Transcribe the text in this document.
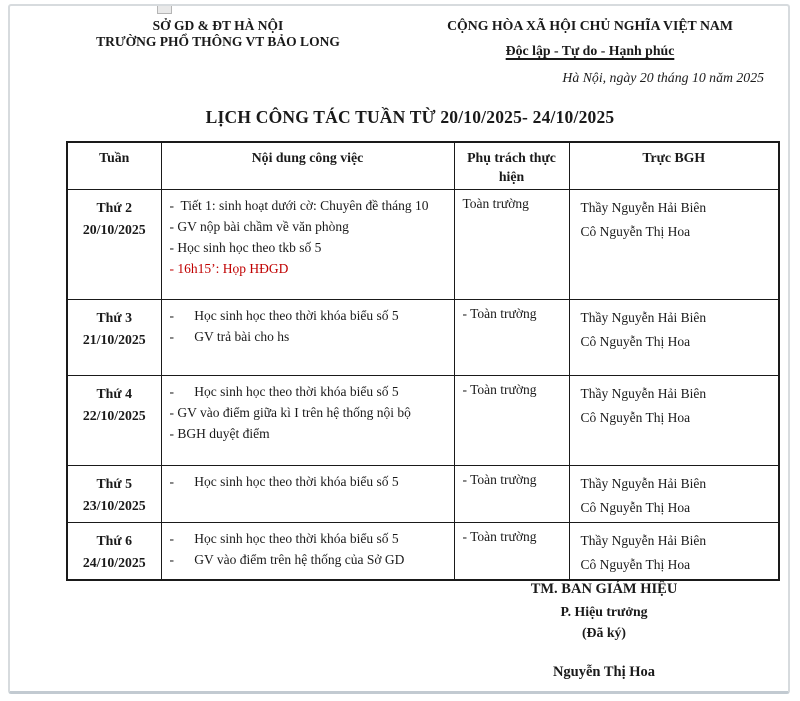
SỞ GD & ĐT HÀ NỘI
TRƯỜNG PHỔ THÔNG VT BẢO LONG
CỘNG HÒA XÃ HỘI CHỦ NGHĨA VIỆT NAM
Độc lập - Tự do - Hạnh phúc
Hà Nội, ngày 20 tháng 10 năm 2025
LỊCH CÔNG TÁC TUẦN TỪ 20/10/2025- 24/10/2025
Tuần	Nội dung công việc	Phụ trách thực hiện	Trực BGH

Thứ 2
20/10/2025

-  Tiết 1: sinh hoạt dưới cờ: Chuyên đề tháng 10
- GV nộp bài chầm về văn phòng
- Học sinh học theo tkb số 5
- 16h15’: Họp HĐGD
	Toàn trường	Thầy Nguyễn Hải Biên
Cô Nguyễn Thị Hoa

Thứ 3
21/10/2025

-      Học sinh học theo thời khóa biểu số 5
-      GV trả bài cho hs
	- Toàn trường	Thầy Nguyễn Hải Biên
Cô Nguyễn Thị Hoa

Thứ 4
22/10/2025

-      Học sinh học theo thời khóa biểu số 5
- GV vào điểm giữa kì I trên hệ thống nội bộ
- BGH duyệt điểm
	- Toàn trường	Thầy Nguyễn Hải Biên
Cô Nguyễn Thị Hoa

Thứ 5
23/10/2025

-      Học sinh học theo thời khóa biểu số 5	- Toàn trường	Thầy Nguyễn Hải Biên
Cô Nguyễn Thị Hoa

Thứ 6
24/10/2025

-      Học sinh học theo thời khóa biểu số 5
-      GV vào điểm trên hệ thống của Sở GD
	- Toàn trường	Thầy Nguyễn Hải Biên
Cô Nguyễn Thị Hoa
TM. BAN GIÁM HIỆU
P. Hiệu trưởng
(Đã ký)
Nguyễn Thị Hoa
